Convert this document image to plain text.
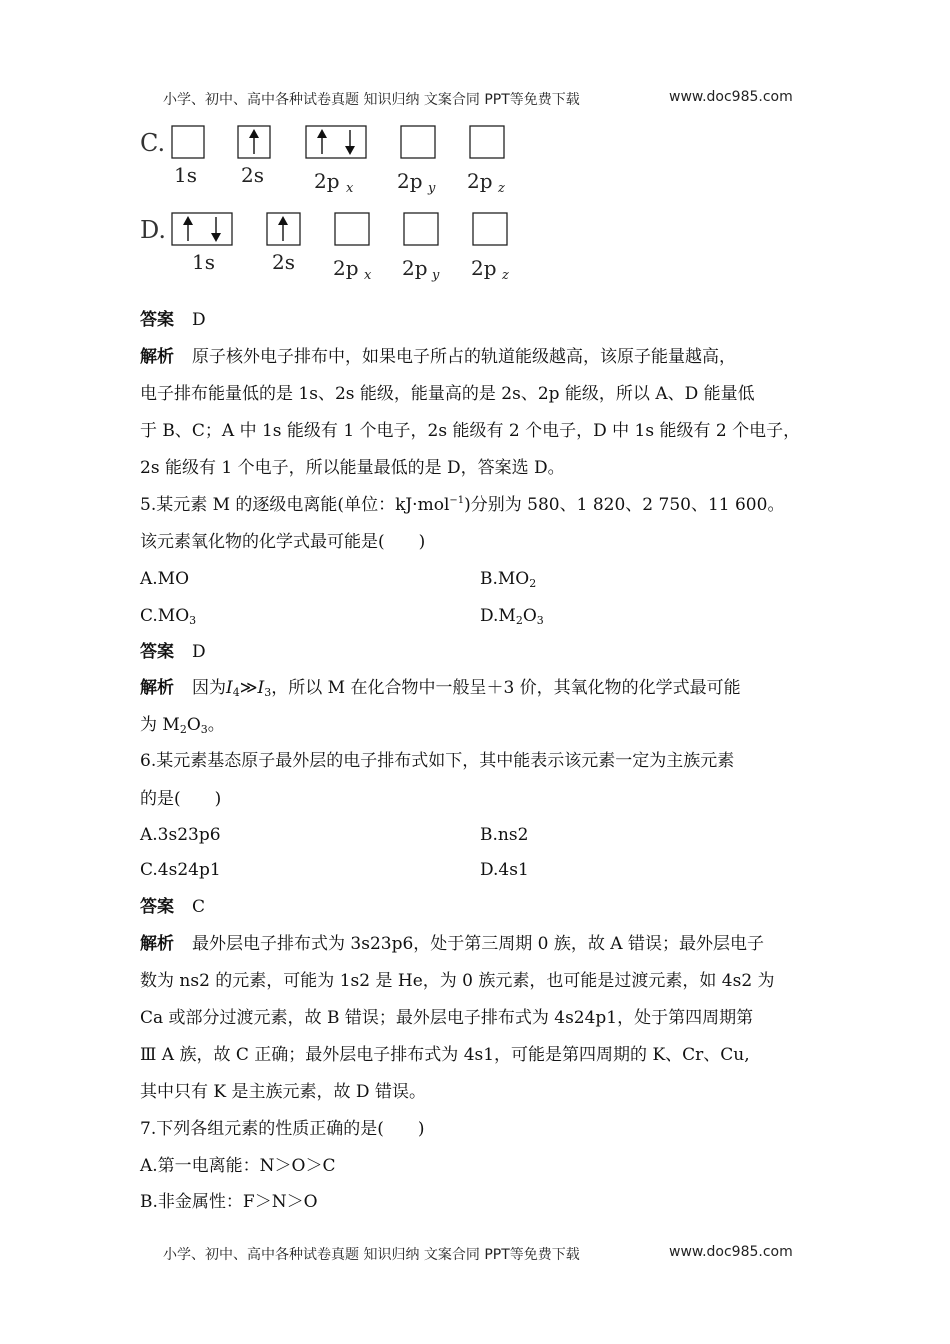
小学、初中、高中各种试卷真题 知识归纳 文案合同 PPT等免费下载	www.doc985.com
C.
1s 2s	2p x 2p y 2p z
D.
1s	2s 2p x 2p y 2p z
答案 D
解析 原子核外电子排布中，如果电子所占的轨道能级越高，该原子能量越高，
电子排布能量低的是 1s、2s 能级，能量高的是 2s、2p 能级，所以 A、D 能量低
于 B、C；A 中 1s 能级有 1 个电子，2s 能级有 2 个电子，D 中 1s 能级有 2 个电子，
2s 能级有 1 个电子，所以能量最低的是 D，答案选 D。
5.某元素 M 的逐级电离能(单位：kJ·mol$^{-1}$)分别为 580、1 820、2 750、11 600。
该元素氧化物的化学式最可能是(　　)
A.MO	$B.MO_2$
$C.MO_3$	$D.M_2O_3$
答案 D
解析 因为$I_4≫I_3$，所以 M 在化合物中一般呈＋3 价，其氧化物的化学式最可能
为 $M_2O_3$。
6.某元素基态原子最外层的电子排布式如下，其中能表示该元素一定为主族元素
的是(　　)
A.3s23p6	B.ns2
C.4s24p1	D.4s1
答案 C
解析 最外层电子排布式为 3s23p6，处于第三周期 0 族，故 A 错误；最外层电子
数为 ns2 的元素，可能为 1s2 是 He，为 0 族元素，也可能是过渡元素，如 4s2 为
Ca 或部分过渡元素，故 B 错误；最外层电子排布式为 4s24p1，处于第四周期第
Ⅲ A 族，故 C 正确；最外层电子排布式为 4s1，可能是第四周期的 K、Cr、Cu,
其中只有 K 是主族元素，故 D 错误。
7.下列各组元素的性质正确的是(　　)
A.第一电离能：N＞O＞C
B.非金属性：F＞N＞O
小学、初中、高中各种试卷真题 知识归纳 文案合同 PPT等免费下载	www.doc985.com
